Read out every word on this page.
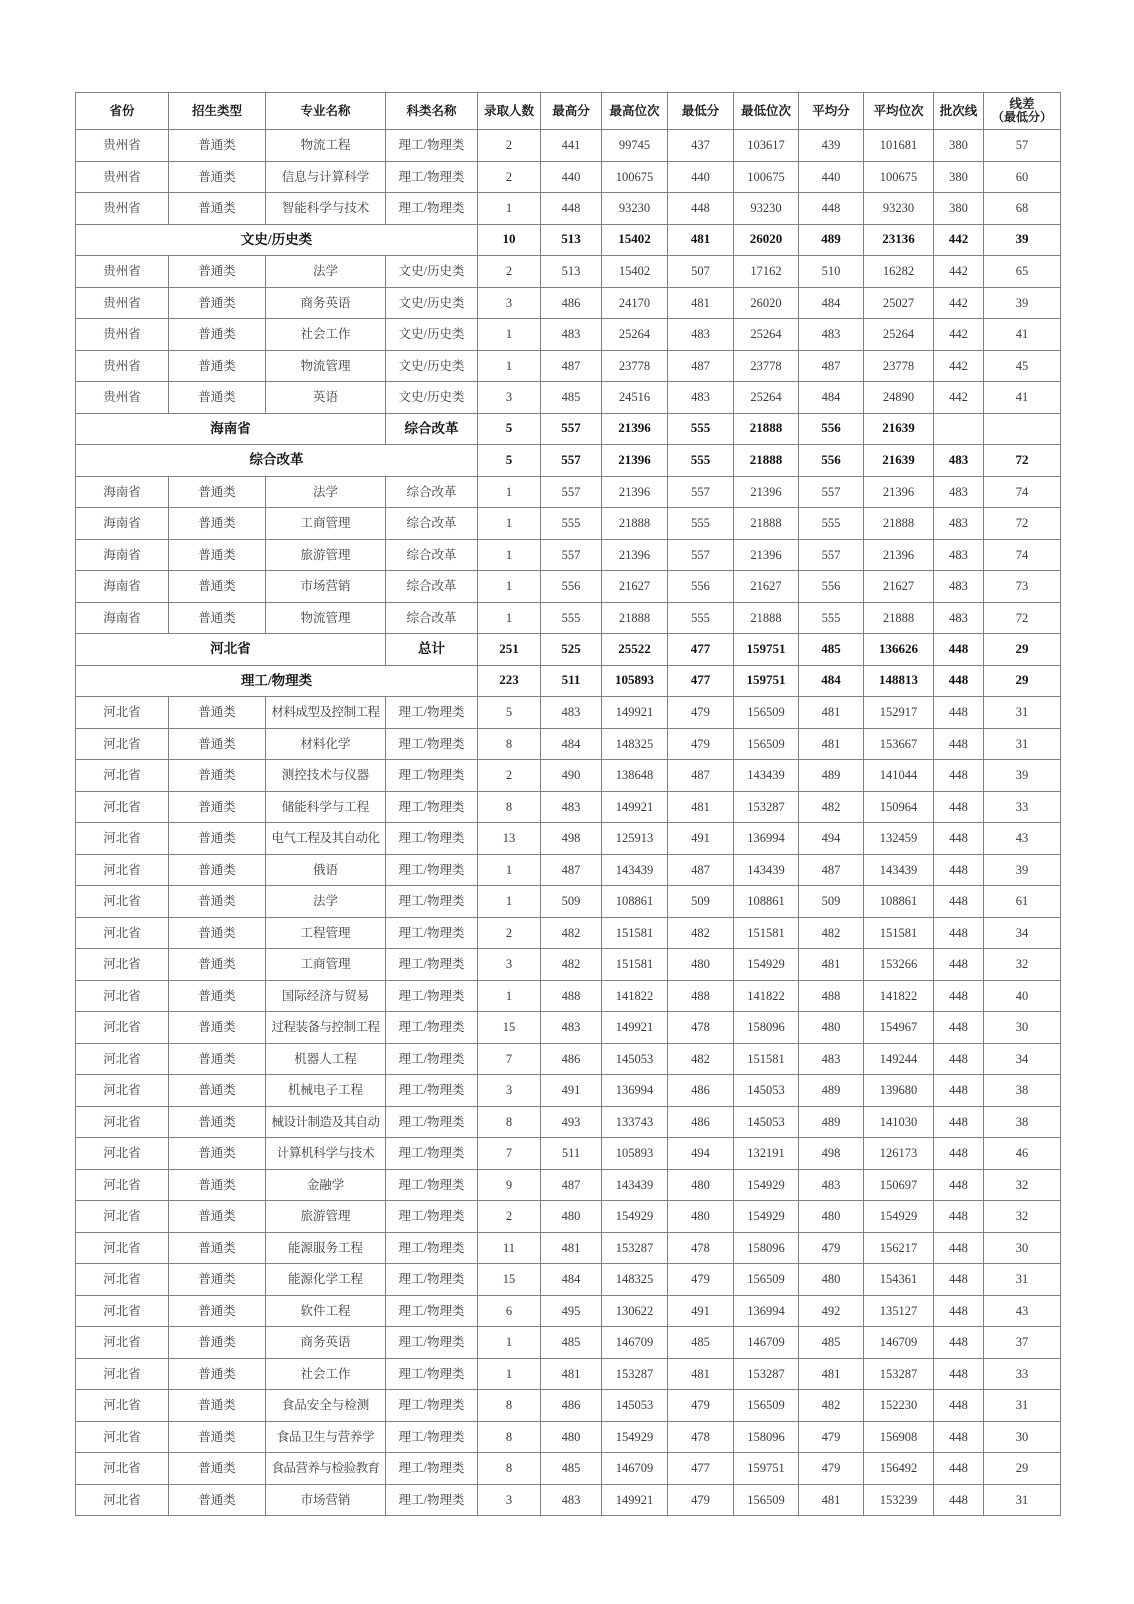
省份	招生类型	专业名称	科类名称	录取人数	最高分	最高位次	最低分	最低位次	平均分	平均位次	批次线	线差
（最低分）

贵州省	普通类	物流工程	理工/物理类	2	441	99745	437	103617	439	101681	380	57
贵州省	普通类	信息与计算科学	理工/物理类	2	440	100675	440	100675	440	100675	380	60
贵州省	普通类	智能科学与技术	理工/物理类	1	448	93230	448	93230	448	93230	380	68
文史/历史类				10	513	15402	481	26020	489	23136	442	39
贵州省	普通类	法学	文史/历史类	2	513	15402	507	17162	510	16282	442	65
贵州省	普通类	商务英语	文史/历史类	3	486	24170	481	26020	484	25027	442	39
贵州省	普通类	社会工作	文史/历史类	1	483	25264	483	25264	483	25264	442	41
贵州省	普通类	物流管理	文史/历史类	1	487	23778	487	23778	487	23778	442	45
贵州省	普通类	英语	文史/历史类	3	485	24516	483	25264	484	24890	442	41
海南省			综合改革	5	557	21396	555	21888	556	21639		
综合改革				5	557	21396	555	21888	556	21639	483	72
海南省	普通类	法学	综合改革	1	557	21396	557	21396	557	21396	483	74
海南省	普通类	工商管理	综合改革	1	555	21888	555	21888	555	21888	483	72
海南省	普通类	旅游管理	综合改革	1	557	21396	557	21396	557	21396	483	74
海南省	普通类	市场营销	综合改革	1	556	21627	556	21627	556	21627	483	73
海南省	普通类	物流管理	综合改革	1	555	21888	555	21888	555	21888	483	72
河北省			总计	251	525	25522	477	159751	485	136626	448	29
理工/物理类				223	511	105893	477	159751	484	148813	448	29
河北省	普通类	材料成型及控制工程	理工/物理类	5	483	149921	479	156509	481	152917	448	31
河北省	普通类	材料化学	理工/物理类	8	484	148325	479	156509	481	153667	448	31
河北省	普通类	测控技术与仪器	理工/物理类	2	490	138648	487	143439	489	141044	448	39
河北省	普通类	储能科学与工程	理工/物理类	8	483	149921	481	153287	482	150964	448	33
河北省	普通类	电气工程及其自动化	理工/物理类	13	498	125913	491	136994	494	132459	448	43
河北省	普通类	俄语	理工/物理类	1	487	143439	487	143439	487	143439	448	39
河北省	普通类	法学	理工/物理类	1	509	108861	509	108861	509	108861	448	61
河北省	普通类	工程管理	理工/物理类	2	482	151581	482	151581	482	151581	448	34
河北省	普通类	工商管理	理工/物理类	3	482	151581	480	154929	481	153266	448	32
河北省	普通类	国际经济与贸易	理工/物理类	1	488	141822	488	141822	488	141822	448	40
河北省	普通类	过程装备与控制工程	理工/物理类	15	483	149921	478	158096	480	154967	448	30
河北省	普通类	机器人工程	理工/物理类	7	486	145053	482	151581	483	149244	448	34
河北省	普通类	机械电子工程	理工/物理类	3	491	136994	486	145053	489	139680	448	38
河北省	普通类	械设计制造及其自动	理工/物理类	8	493	133743	486	145053	489	141030	448	38
河北省	普通类	计算机科学与技术	理工/物理类	7	511	105893	494	132191	498	126173	448	46
河北省	普通类	金融学	理工/物理类	9	487	143439	480	154929	483	150697	448	32
河北省	普通类	旅游管理	理工/物理类	2	480	154929	480	154929	480	154929	448	32
河北省	普通类	能源服务工程	理工/物理类	11	481	153287	478	158096	479	156217	448	30
河北省	普通类	能源化学工程	理工/物理类	15	484	148325	479	156509	480	154361	448	31
河北省	普通类	软件工程	理工/物理类	6	495	130622	491	136994	492	135127	448	43
河北省	普通类	商务英语	理工/物理类	1	485	146709	485	146709	485	146709	448	37
河北省	普通类	社会工作	理工/物理类	1	481	153287	481	153287	481	153287	448	33
河北省	普通类	食品安全与检测	理工/物理类	8	486	145053	479	156509	482	152230	448	31
河北省	普通类	食品卫生与营养学	理工/物理类	8	480	154929	478	158096	479	156908	448	30
河北省	普通类	食品营养与检验教育	理工/物理类	8	485	146709	477	159751	479	156492	448	29
河北省	普通类	市场营销	理工/物理类	3	483	149921	479	156509	481	153239	448	31
